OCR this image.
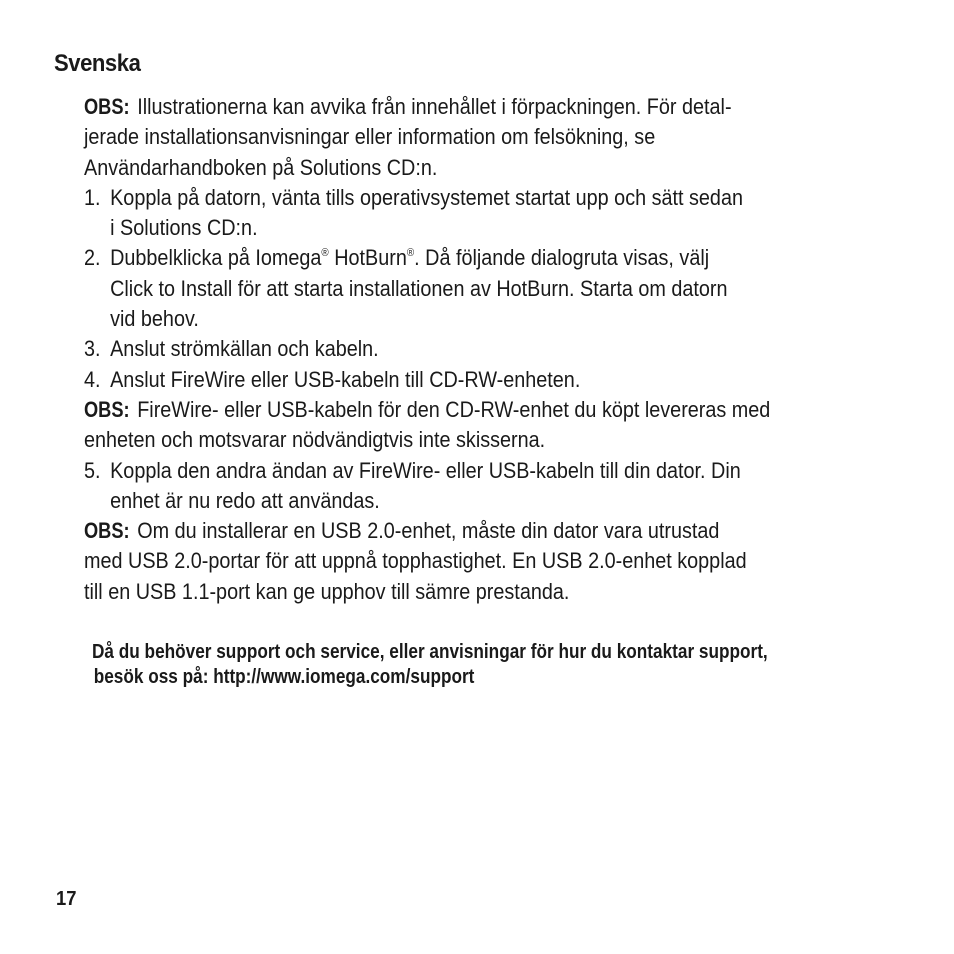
Svenska

OBS: Illustrationerna kan avvika från innehållet i förpackningen. För detal-
jerade installationsanvisningar eller information om felsökning, se
Användarhandboken på Solutions CD:n.

1. Koppla på datorn, vänta tills operativsystemet startat upp och sätt sedan
i Solutions CD:n.

2. Dubbelklicka på Iomega® HotBurn®. Då följande dialogruta visas, välj
Click to Install för att starta installationen av HotBurn. Starta om datorn
vid behov.

3. Anslut strömkällan och kabeln.

4. Anslut FireWire eller USB-kabeln till CD-RW-enheten.

OBS: FireWire- eller USB-kabeln för den CD-RW-enhet du köpt levereras med
enheten och motsvarar nödvändigtvis inte skisserna.

5. Koppla den andra ändan av FireWire- eller USB-kabeln till din dator. Din
enhet är nu redo att användas.

OBS: Om du installerar en USB 2.0-enhet, måste din dator vara utrustad
med USB 2.0-portar för att uppnå topphastighet. En USB 2.0-enhet kopplad
till en USB 1.1-port kan ge upphov till sämre prestanda.

Då du behöver support och service, eller anvisningar för hur du kontaktar support,
besök oss på: http://www.iomega.com/support
17
